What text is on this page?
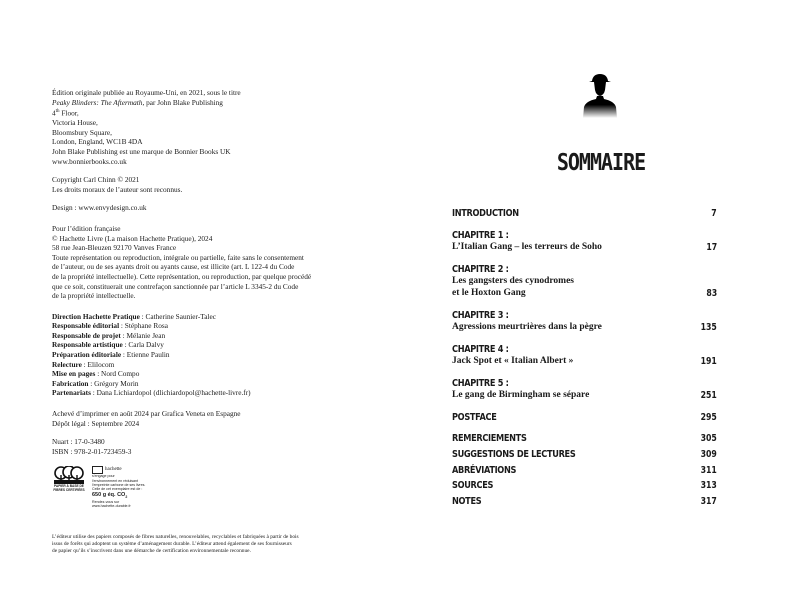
Édition originale publiée au Royaume-Uni, en 2021, sous le titre

Peaky Blinders: The Aftermath, par John Blake Publishing

4th Floor,

Victoria House,

Bloomsbury Square,

London, England, WC1B 4DA

John Blake Publishing est une marque de Bonnier Books UK

www.bonnierbooks.co.uk

Copyright Carl Chinn © 2021

Les droits moraux de l’auteur sont reconnus.

Design : www.envydesign.co.uk

Pour l’édition française

© Hachette Livre (La maison Hachette Pratique), 2024

58 rue Jean-Bleuzen 92170 Vanves France

Toute représentation ou reproduction, intégrale ou partielle, faite sans le consentement

de l’auteur, ou de ses ayants droit ou ayants cause, est illicite (art. L 122-4 du Code

de la propriété intellectuelle). Cette représentation, ou reproduction, par quelque procédé

que ce soit, constituerait une contrefaçon sanctionnée par l’article L 3345-2 du Code

de la propriété intellectuelle.

Direction Hachette Pratique : Catherine Saunier-Talec

Responsable éditorial : Stéphane Rosa

Responsable de projet : Mélanie Jean

Responsable artistique : Carla Dalvy

Préparation éditoriale : Etienne Paulin

Relecture : Elilocom

Mise en pages : Nord Compo

Fabrication : Grégory Morin

Partenariats : Dana Lichiardopol (dlichiardopol@hachette-livre.fr)

Achevé d’imprimer en août 2024 par Grafica Veneta en Espagne

Dépôt légal : Septembre 2024

Nuart : 17-0-3480

ISBN : 978-2-01-723459-3

PAPIER À BASE DE
FIBRES CERTIFIÉES
hachette
s'engage pour
l'environnement en réduisant
l'empreinte carbone de ses livres.
Celle de cet exemplaire est de :
650 g éq. $CO_2$
Rendez-vous sur
www.hachette-durable.fr
L’éditeur utilise des papiers composés de fibres naturelles, renouvelables, recyclables et fabriquées à partir de bois
issus de forêts qui adoptent un système d’aménagement durable. L’éditeur attend également de ses fournisseurs
de papier qu’ils s’inscrivent dans une démarche de certification environnementale reconnue.
SOMMAIRE
INTRODUCTION	7
CHAPITRE 1 :
L’Italian Gang – les terreurs de Soho	17
CHAPITRE 2 :
Les gangsters des cynodromes
et le Hoxton Gang	83
CHAPITRE 3 :
Agressions meurtrières dans la pègre	135
CHAPITRE 4 :
Jack Spot et « Italian Albert »	191
CHAPITRE 5 :
Le gang de Birmingham se sépare	251
POSTFACE	295
REMERCIEMENTS	305
SUGGESTIONS DE LECTURES	309
ABRÉVIATIONS	311
SOURCES	313
NOTES	317
